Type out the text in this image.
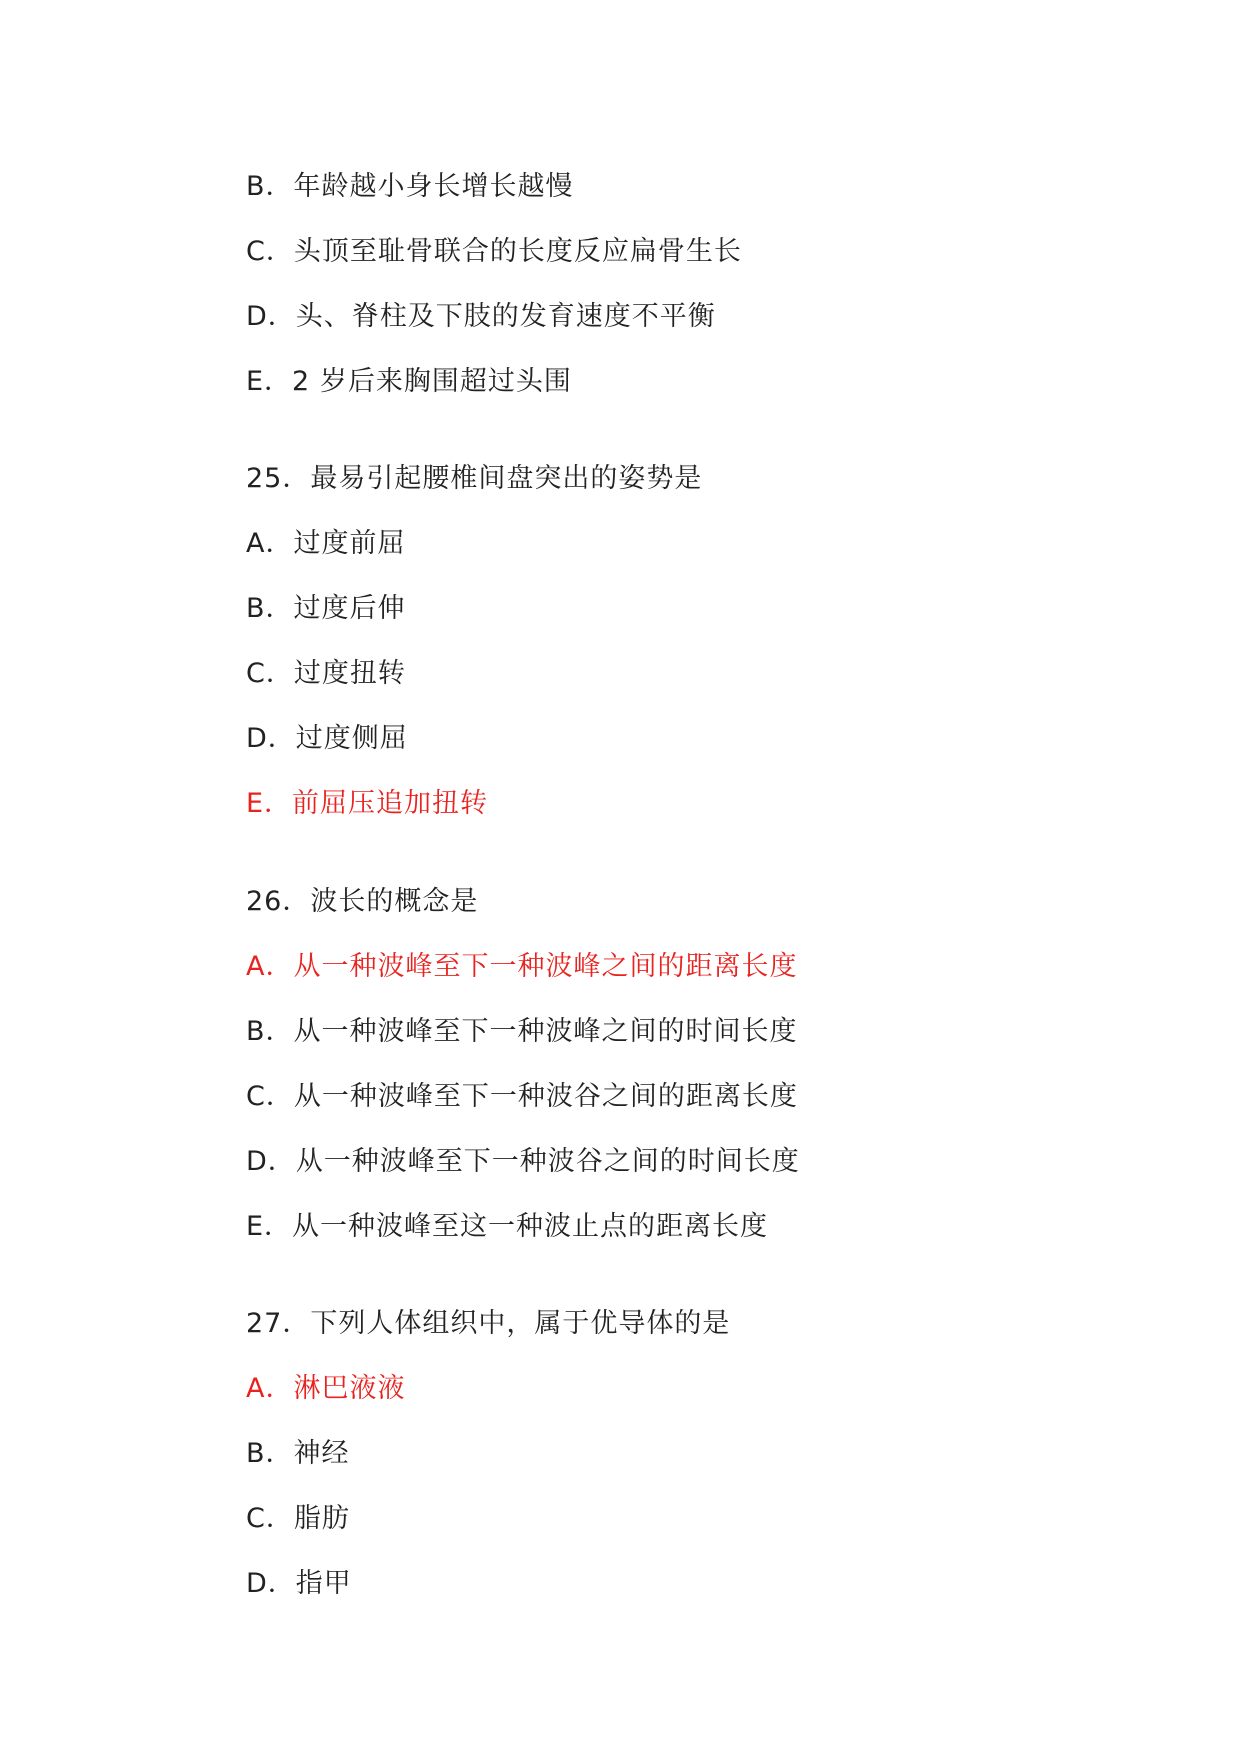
B．年龄越小身长增长越慢
C．头顶至耻骨联合的长度反应扁骨生长
D．头、脊柱及下肢的发育速度不平衡
E．2 岁后来胸围超过头围
25．最易引起腰椎间盘突出的姿势是
A．过度前屈
B．过度后伸
C．过度扭转
D．过度侧屈
E．前屈压追加扭转
26．波长的概念是
A．从一种波峰至下一种波峰之间的距离长度
B．从一种波峰至下一种波峰之间的时间长度
C．从一种波峰至下一种波谷之间的距离长度
D．从一种波峰至下一种波谷之间的时间长度
E．从一种波峰至这一种波止点的距离长度
27．下列人体组织中，属于优导体的是
A．淋巴液液
B．神经
C．脂肪
D．指甲
